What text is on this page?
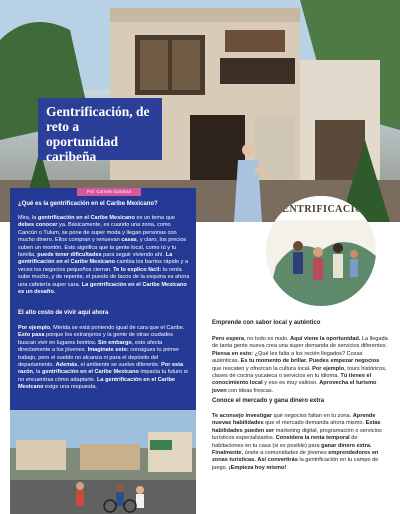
Gentrificación, de reto a oportunidad caribeña
GENTRIFICACIÓN
Por: Carmen Gardosa
¿Qué es la gentrificación en el Caribe Mexicano?
Mira, la gentrificación en el Caribe Mexicano es un tema que debes conocer ya. Básicamente, es cuando una zona, como Cancún o Tulum, se pone de super moda y llegan personas con mucho dinero. Ellos compran y renuevan casas, y claro, los precios suben un montón. Esto significa que la gente local, como tú y tu familia, puede tener dificultades para seguir viviendo ahí. La gentrificación en el Caribe Mexicano cambia los barrios rápido y a veces los negocios pequeños cierran. Te lo explico fácil: tu renta sube mucho, y de repente, el puesto de tacos de la esquina es ahora una cafetería super cara. La gentrificación en el Caribe Mexicano es un desafío.
El alto costo de vivir aquí ahora
Por ejemplo, Mérida se está poniendo igual de cara que el Caribe. Esto pasa porque los extranjeros y la gente de otras ciudades buscan vivir en lugares bonitos. Sin embargo, esto afecta directamente a los jóvenes. Imagínate esto: consigues tu primer trabajo, pero el sueldo no alcanza ni para el depósito del departamento. Además, el ambiente se vuelve diferente. Por esta razón, la gentrificación en el Caribe Mexicano impacta tu futuro si no encuentras cómo adaptarte. La gentrificación en el Caribe Mexicano exige una respuesta.
Emprende con sabor local y auténtico
Pero espera, no todo es malo. Aquí viene la oportunidad. La llegada de tanta gente nueva crea una super demanda de servicios diferentes. Piensa en esto: ¿Qué les falta a los recién llegados? Cosas auténticas. Es tu momento de brillar. Puedes empezar negocios que rescaten y ofrezcan la cultura local. Por ejemplo, tours históricos, clases de cocina yucateca o servicios en tu idioma. Tú tienes el conocimiento local y eso es muy valioso. Aprovecha el turismo joven con ideas frescas.
Conoce el mercado y gana dinero extra
Te aconsejo investigar qué negocios faltan en tu zona. Aprende nuevas habilidades que el mercado demanda ahora mismo. Estas habilidades pueden ser marketing digital, programación o servicios turísticos especializados. Considera la renta temporal de habitaciones en tu casa (si es posible) para ganar dinero extra. Finalmente, únete a comunidades de jóvenes emprendedores en zonas turísticas. Así convertirás la gentrificación en tu campo de juego. ¡Empieza hoy mismo!
